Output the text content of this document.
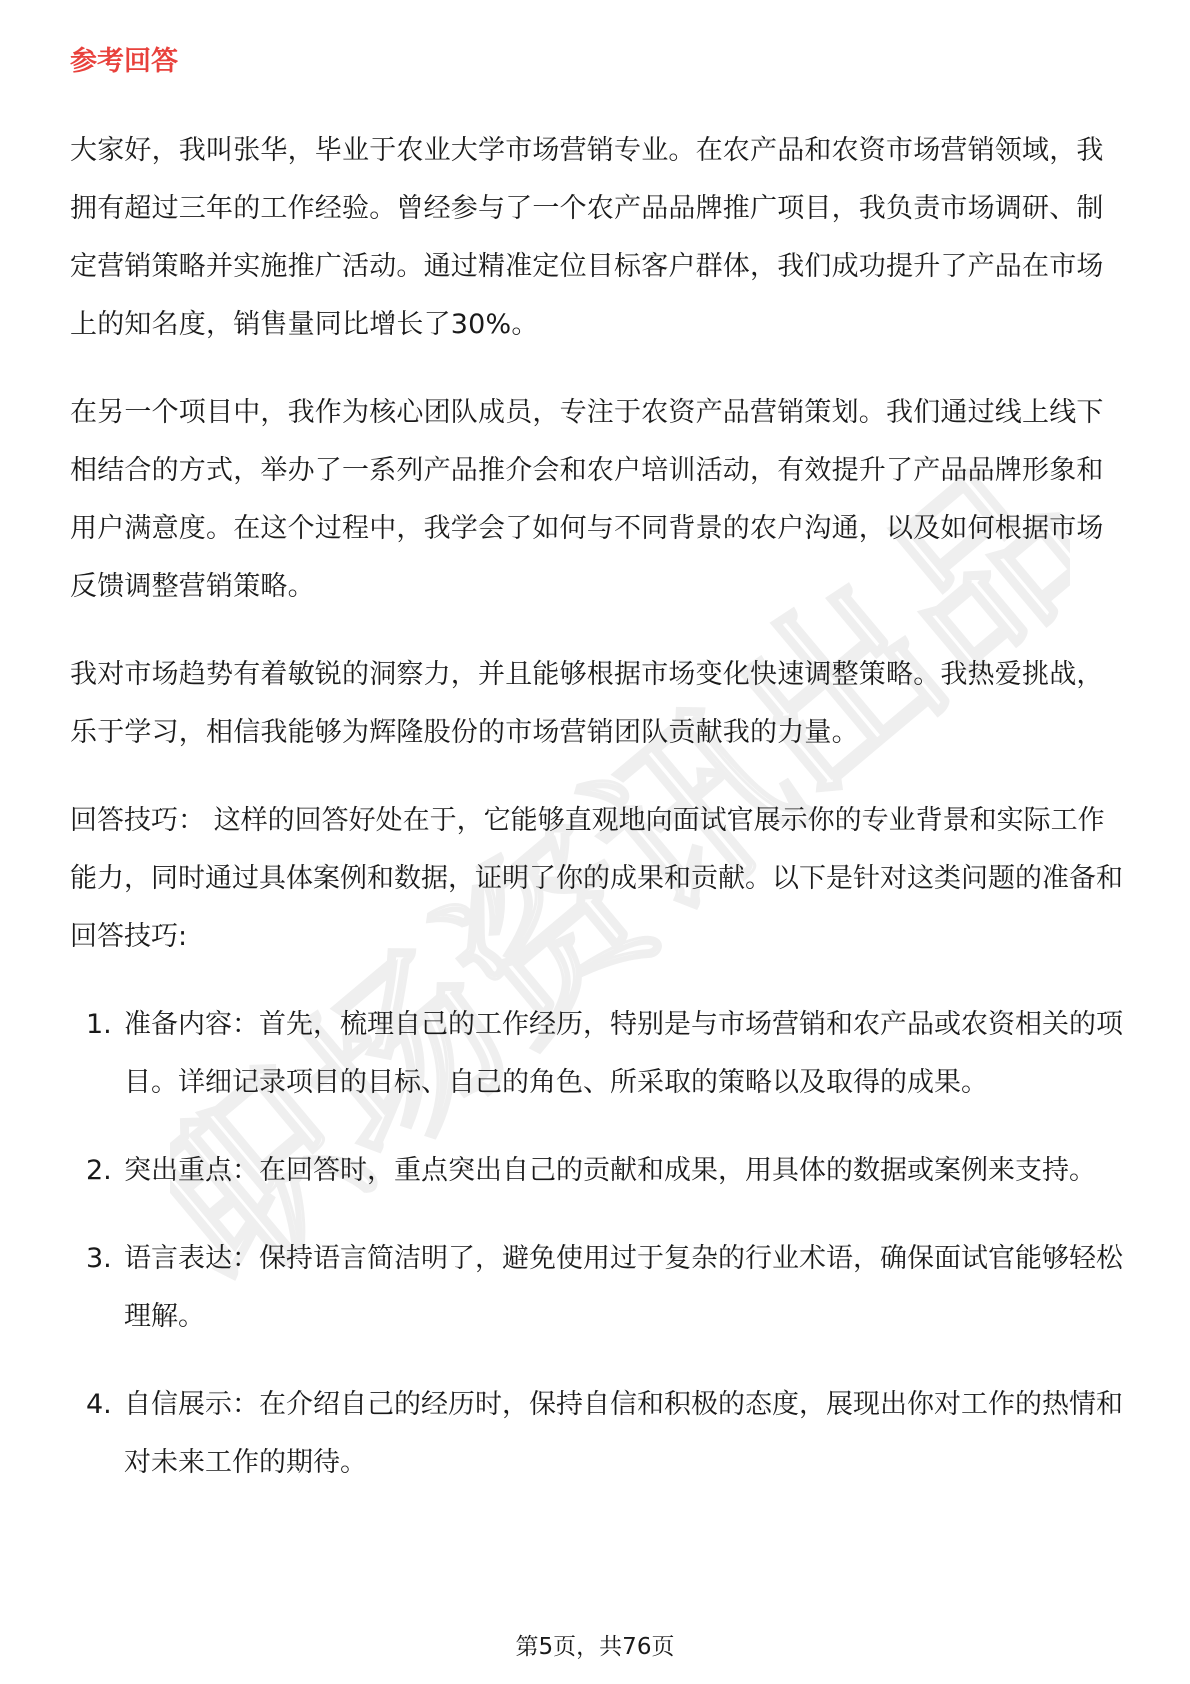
职场资讯出品
参考回答

大家好，我叫张华，毕业于农业大学市场营销专业。在农产品和农资市场营销领域，我拥有超过三年的工作经验。曾经参与了一个农产品品牌推广项目，我负责市场调研、制定营销策略并实施推广活动。通过精准定位目标客户群体，我们成功提升了产品在市场上的知名度，销售量同比增长了30%。

在另一个项目中，我作为核心团队成员，专注于农资产品营销策划。我们通过线上线下相结合的方式，举办了一系列产品推介会和农户培训活动，有效提升了产品品牌形象和用户满意度。在这个过程中，我学会了如何与不同背景的农户沟通，以及如何根据市场反馈调整营销策略。

我对市场趋势有着敏锐的洞察力，并且能够根据市场变化快速调整策略。我热爱挑战，乐于学习，相信我能够为辉隆股份的市场营销团队贡献我的力量。

回答技巧： 这样的回答好处在于，它能够直观地向面试官展示你的专业背景和实际工作能力，同时通过具体案例和数据，证明了你的成果和贡献。以下是针对这类问题的准备和回答技巧:

1. 准备内容：首先，梳理自己的工作经历，特别是与市场营销和农产品或农资相关的项目。详细记录项目的目标、自己的角色、所采取的策略以及取得的成果。
2. 突出重点：在回答时，重点突出自己的贡献和成果，用具体的数据或案例来支持。
3. 语言表达：保持语言简洁明了，避免使用过于复杂的行业术语，确保面试官能够轻松理解。
4. 自信展示：在介绍自己的经历时，保持自信和积极的态度，展现出你对工作的热情和对未来工作的期待。
第5页，共76页
